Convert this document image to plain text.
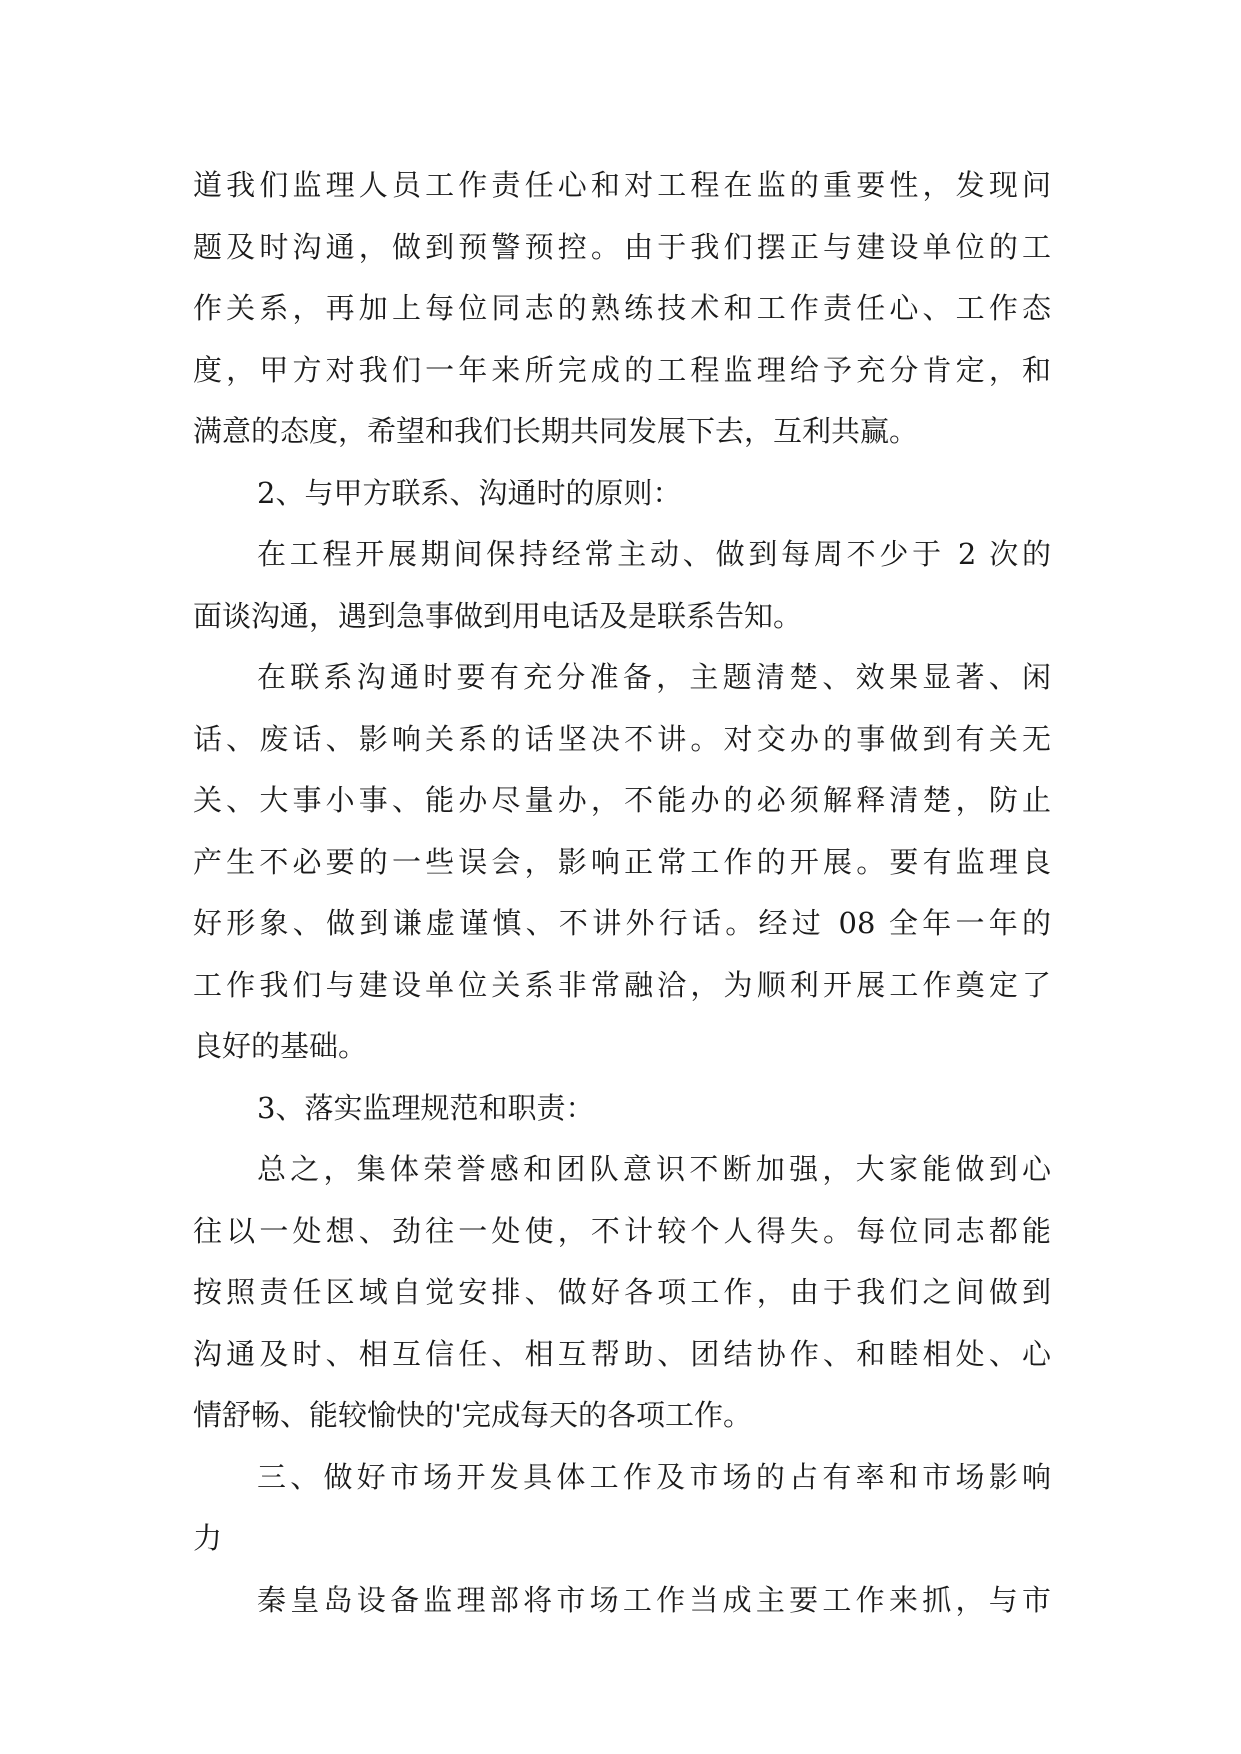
道我们监理人员工作责任心和对工程在监的重要性，发现问
题及时沟通，做到预警预控。由于我们摆正与建设单位的工
作关系，再加上每位同志的熟练技术和工作责任心、工作态
度，甲方对我们一年来所完成的工程监理给予充分肯定，和
满意的态度，希望和我们长期共同发展下去，互利共赢。
2、与甲方联系、沟通时的原则：
在工程开展期间保持经常主动、做到每周不少于 2 次的
面谈沟通，遇到急事做到用电话及是联系告知。
在联系沟通时要有充分准备，主题清楚、效果显著、闲
话、废话、影响关系的话坚决不讲。对交办的事做到有关无
关、大事小事、能办尽量办，不能办的必须解释清楚，防止
产生不必要的一些误会，影响正常工作的开展。要有监理良
好形象、做到谦虚谨慎、不讲外行话。经过 08 全年一年的
工作我们与建设单位关系非常融洽，为顺利开展工作奠定了
良好的基础。
3、落实监理规范和职责：
总之，集体荣誉感和团队意识不断加强，大家能做到心
往以一处想、劲往一处使，不计较个人得失。每位同志都能
按照责任区域自觉安排、做好各项工作，由于我们之间做到
沟通及时、相互信任、相互帮助、团结协作、和睦相处、心
情舒畅、能较愉快的'完成每天的各项工作。
三、做好市场开发具体工作及市场的占有率和市场影响
力
秦皇岛设备监理部将市场工作当成主要工作来抓，与市
